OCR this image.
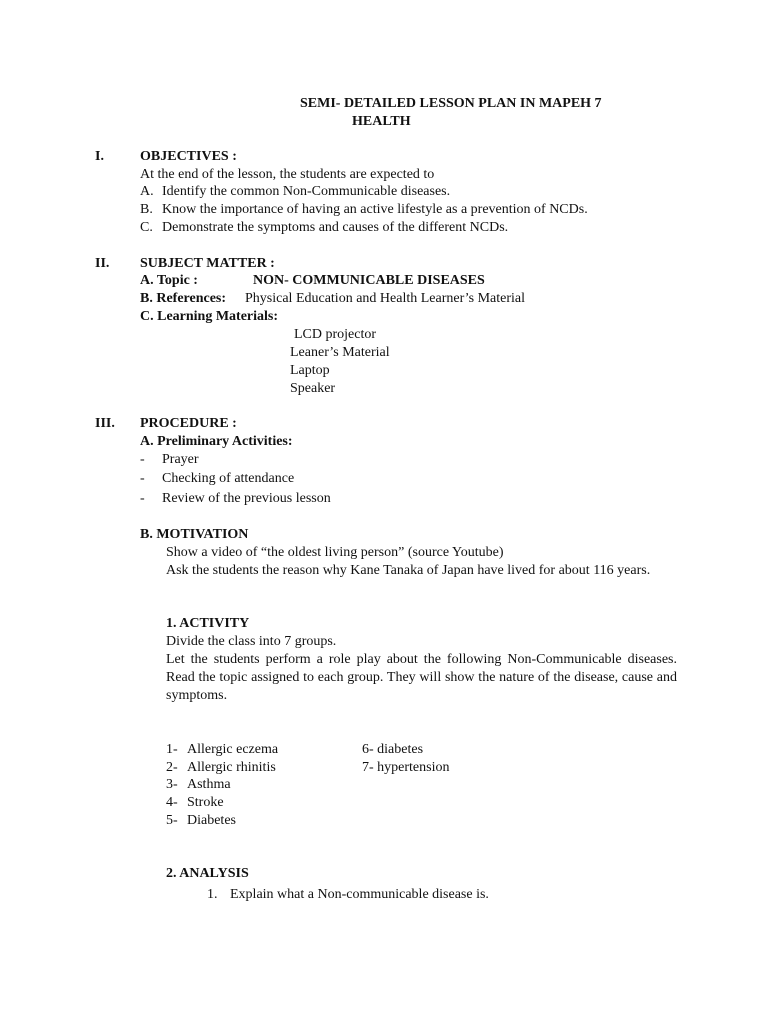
SEMI- DETAILED LESSON PLAN IN MAPEH 7
HEALTH
I.	OBJECTIVES :
At the end of the lesson, the students are expected to
A. Identify the common Non-Communicable diseases.
B. Know the importance of having an active lifestyle as a prevention of NCDs.
C. Demonstrate the symptoms and causes of the different NCDs.
II. SUBJECT MATTER :
A. Topic :	NON- COMMUNICABLE DISEASES
B. References: Physical Education and Health Learner’s Material
C. Learning Materials:
LCD projector
Leaner’s Material
Laptop
Speaker
III. PROCEDURE :
A. Preliminary Activities:
- Prayer
- Checking of attendance
- Review of the previous lesson
B. MOTIVATION
Show a video of “the oldest living person” (source Youtube)
Ask the students the reason why Kane Tanaka of Japan have lived for about 116 years.
1. ACTIVITY
Divide the class into 7 groups.
Let the students perform a role play about the following Non-Communicable diseases. Read the topic assigned to each group. They will show the nature of the disease, cause and symptoms.
1- Allergic eczema
2- Allergic rhinitis
3- Asthma
4- Stroke
5- Diabetes
6- diabetes
7- hypertension
2. ANALYSIS
1. Explain what a Non-communicable disease is.
